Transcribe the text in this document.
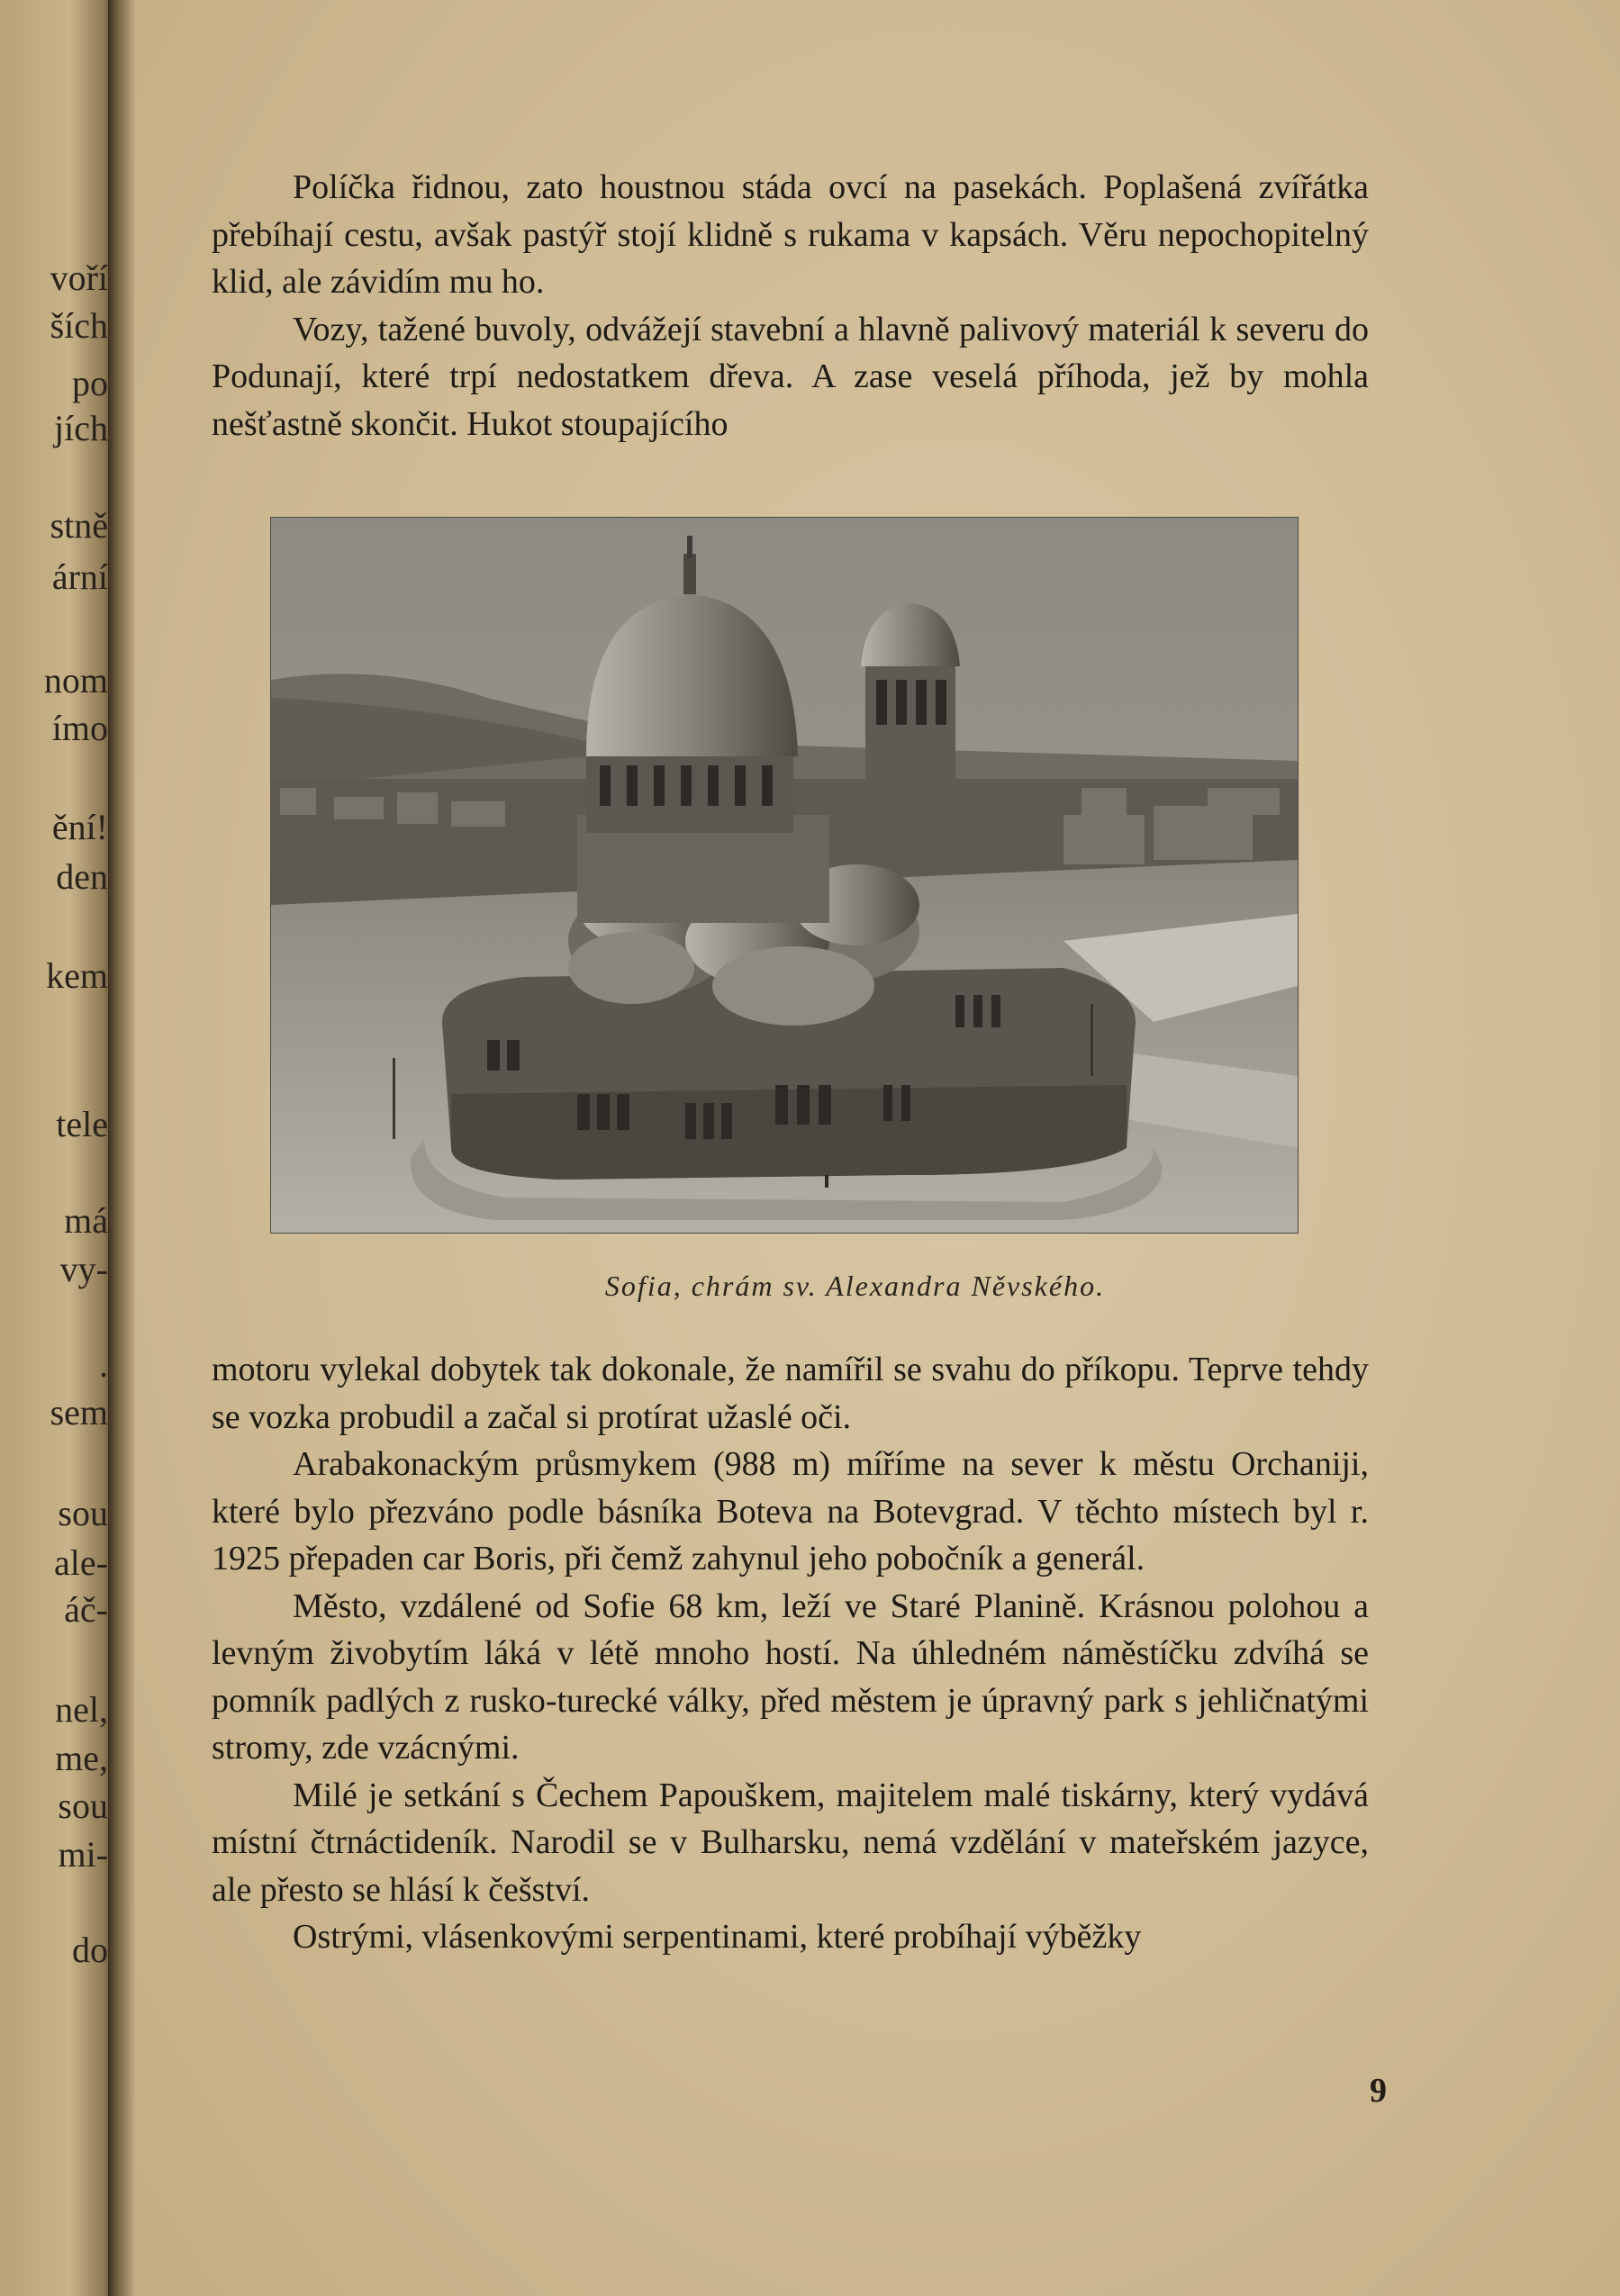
voří
ších
po
jích
stně
ární
nom
ímo
ění!
den
kem
tele
má
vy-
.
sem
sou
ale-
áč-
nel,
me,
sou
mi-
do

Políčka řidnou, zato houstnou stáda ovcí na pasekách. Poplašená zvířátka přebíhají cestu, avšak pastýř stojí klidně s rukama v kapsách. Věru nepochopitelný klid, ale závidím mu ho.

Vozy, tažené buvoly, odvážejí stavební a hlavně palivový materiál k severu do Podunají, které trpí nedostatkem dřeva. A zase veselá příhoda, jež by mohla nešťastně skončit. Hukot stoupajícího

Sofia, chrám sv. Alexandra Něvského.

motoru vylekal dobytek tak dokonale, že namířil se svahu do příkopu. Teprve tehdy se vozka probudil a začal si protírat užaslé oči.

Arabakonackým průsmykem (988 m) míříme na sever k městu Orchaniji, které bylo přezváno podle básníka Boteva na Botevgrad. V těchto místech byl r. 1925 přepaden car Boris, při čemž zahynul jeho pobočník a generál.

Město, vzdálené od Sofie 68 km, leží ve Staré Planině. Krásnou polohou a levným živobytím láká v létě mnoho hostí. Na úhledném náměstíčku zdvíhá se pomník padlých z rusko-turecké války, před městem je úpravný park s jehličnatými stromy, zde vzácnými.

Milé je setkání s Čechem Papouškem, majitelem malé tiskárny, který vydává místní čtrnáctideník. Narodil se v Bulharsku, nemá vzdělání v mateřském jazyce, ale přesto se hlásí k češství.

Ostrými, vlásenkovými serpentinami, které probíhají výběžky

9
